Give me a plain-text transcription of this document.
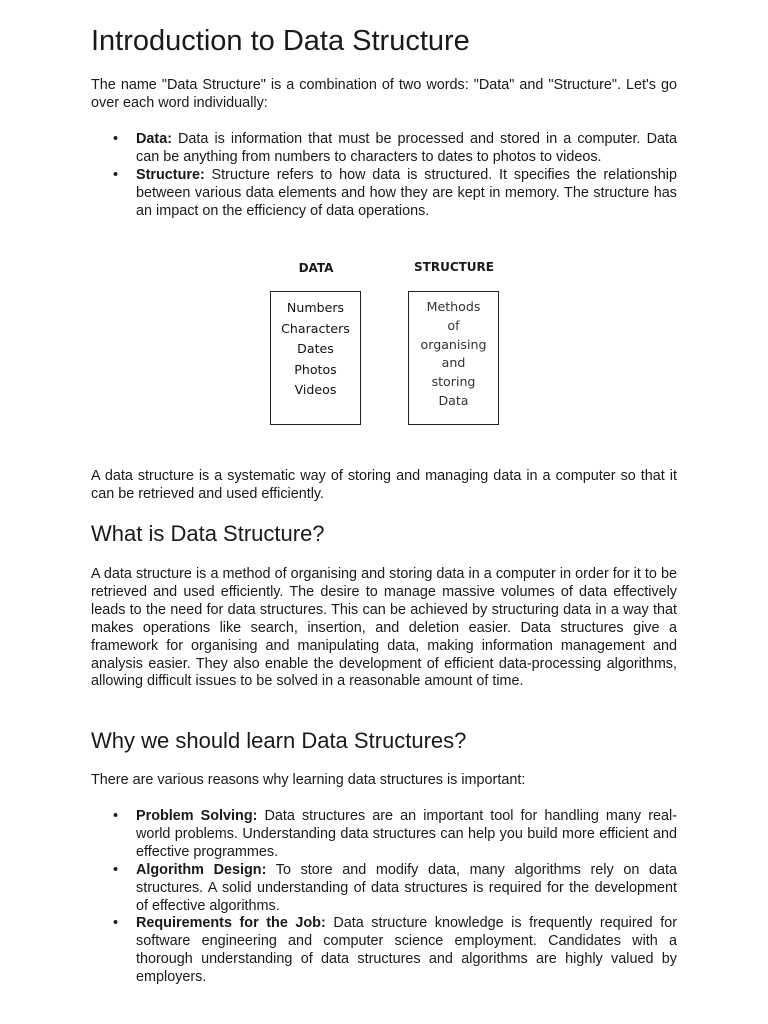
Introduction to Data Structure

The name "Data Structure" is a combination of two words: "Data" and "Structure". Let's go over each word individually:

• Data: Data is information that must be processed and stored in a computer. Data can be anything from numbers to characters to dates to photos to videos.
• Structure: Structure refers to how data is structured. It specifies the relationship between various data elements and how they are kept in memory. The structure has an impact on the efficiency of data operations.

A data structure is a systematic way of storing and managing data in a computer so that it can be retrieved and used efficiently.

What is Data Structure?

A data structure is a method of organising and storing data in a computer in order for it to be retrieved and used efficiently. The desire to manage massive volumes of data effectively leads to the need for data structures. This can be achieved by structuring data in a way that makes operations like search, insertion, and deletion easier. Data structures give a framework for organising and manipulating data, making information management and analysis easier. They also enable the development of efficient data-processing algorithms, allowing difficult issues to be solved in a reasonable amount of time.

Why we should learn Data Structures?

There are various reasons why learning data structures is important:

• Problem Solving: Data structures are an important tool for handling many real-world problems. Understanding data structures can help you build more efficient and effective programmes.
• Algorithm Design: To store and modify data, many algorithms rely on data structures. A solid understanding of data structures is required for the development of effective algorithms.
• Requirements for the Job: Data structure knowledge is frequently required for software engineering and computer science employment. Candidates with a thorough understanding of data structures and algorithms are highly valued by employers.
DATA	STRUCTURE
Numbers
Characters
Dates
Photos
Videos
Methods
of
organising
and
storing
Data
